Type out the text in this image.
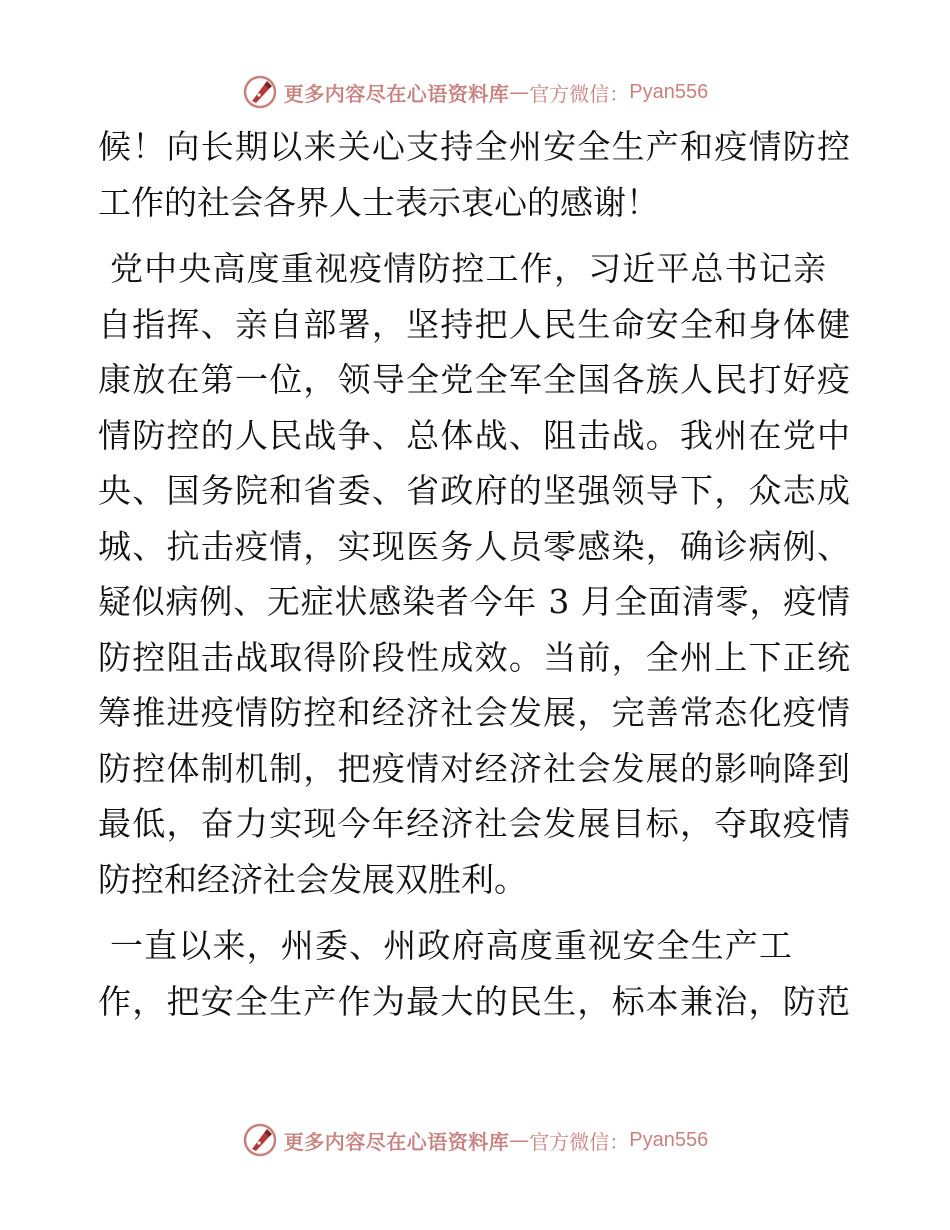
更多内容尽在心语资料库 — 官方微信： Pyan556
候！向长期以来关心支持全州安全生产和疫情防控
工作的社会各界人士表示衷心的感谢！
党中央高度重视疫情防控工作，习近平总书记亲
自指挥、亲自部署，坚持把人民生命安全和身体健
康放在第一位，领导全党全军全国各族人民打好疫
情防控的人民战争、总体战、阻击战。我州在党中
央、国务院和省委、省政府的坚强领导下，众志成
城、抗击疫情，实现医务人员零感染，确诊病例、
疑似病例、无症状感染者今年 3 月全面清零，疫情
防控阻击战取得阶段性成效。当前，全州上下正统
筹推进疫情防控和经济社会发展，完善常态化疫情
防控体制机制，把疫情对经济社会发展的影响降到
最低，奋力实现今年经济社会发展目标，夺取疫情
防控和经济社会发展双胜利。
一直以来，州委、州政府高度重视安全生产工
作，把安全生产作为最大的民生，标本兼治，防范
更多内容尽在心语资料库 — 官方微信： Pyan556
